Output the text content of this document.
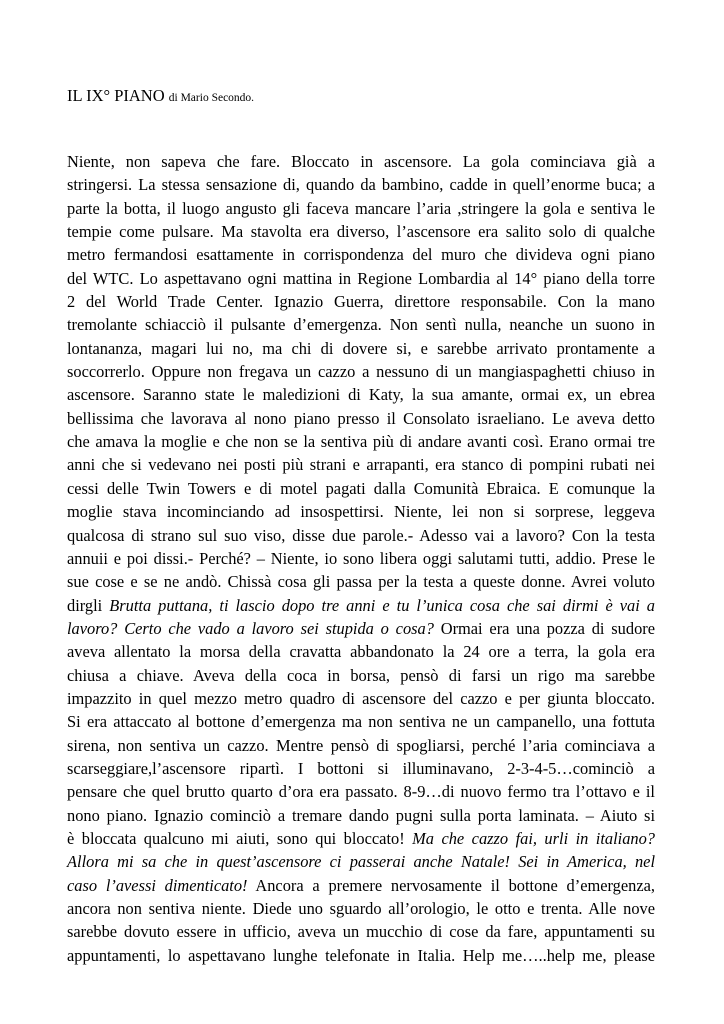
IL IX° PIANO di Mario Secondo.
Niente, non sapeva che fare. Bloccato in ascensore. La gola cominciava già a
stringersi. La stessa sensazione di, quando da bambino, cadde in quell’enorme buca; a
parte la botta, il luogo angusto gli faceva mancare l’aria ,stringere la gola e sentiva le
tempie come pulsare. Ma stavolta era diverso, l’ascensore era salito solo di qualche
metro fermandosi esattamente in corrispondenza del muro che divideva ogni piano
del WTC. Lo aspettavano ogni mattina in Regione Lombardia al 14° piano della torre
2 del World Trade Center. Ignazio Guerra, direttore responsabile. Con la mano
tremolante schiacciò il pulsante d’emergenza. Non sentì nulla, neanche un suono in
lontananza, magari lui no, ma chi di dovere si, e sarebbe arrivato prontamente a
soccorrerlo. Oppure non fregava un cazzo a nessuno di un mangiaspaghetti chiuso in
ascensore. Saranno state le maledizioni di Katy, la sua amante, ormai ex, un ebrea
bellissima che lavorava al nono piano presso il Consolato israeliano. Le aveva detto
che amava la moglie e che non se la sentiva più di andare avanti così. Erano ormai tre
anni che si vedevano nei posti più strani e arrapanti, era stanco di pompini rubati nei
cessi delle Twin Towers e di motel pagati dalla Comunità Ebraica. E comunque la
moglie stava incominciando ad insospettirsi. Niente, lei non si sorprese, leggeva
qualcosa di strano sul suo viso, disse due parole.- Adesso vai a lavoro? Con la testa
annuii e poi dissi.- Perché? – Niente, io sono libera oggi salutami tutti, addio. Prese le
sue cose e se ne andò. Chissà cosa gli passa per la testa a queste donne. Avrei voluto
dirgli Brutta puttana, ti lascio dopo tre anni e tu l’unica cosa che sai dirmi è vai a
lavoro? Certo che vado a lavoro sei stupida o cosa? Ormai era una pozza di sudore
aveva allentato la morsa della cravatta abbandonato la 24 ore a terra, la gola era
chiusa a chiave. Aveva della coca in borsa, pensò di farsi un rigo ma sarebbe
impazzito in quel mezzo metro quadro di ascensore del cazzo e per giunta bloccato.
Si era attaccato al bottone d’emergenza ma non sentiva ne un campanello, una fottuta
sirena, non sentiva un cazzo. Mentre pensò di spogliarsi, perché l’aria cominciava a
scarseggiare,l’ascensore ripartì. I bottoni si illuminavano, 2-3-4-5…cominciò a
pensare che quel brutto quarto d’ora era passato. 8-9…di nuovo fermo tra l’ottavo e il
nono piano. Ignazio cominciò a tremare dando pugni sulla porta laminata. – Aiuto si
è bloccata qualcuno mi aiuti, sono qui bloccato! Ma che cazzo fai, urli in italiano?
Allora mi sa che in quest’ascensore ci passerai anche Natale! Sei in America, nel
caso l’avessi dimenticato! Ancora a premere nervosamente il bottone d’emergenza,
ancora non sentiva niente. Diede uno sguardo all’orologio, le otto e trenta. Alle nove
sarebbe dovuto essere in ufficio, aveva un mucchio di cose da fare, appuntamenti su
appuntamenti, lo aspettavano lunghe telefonate in Italia. Help me…..help me, please
